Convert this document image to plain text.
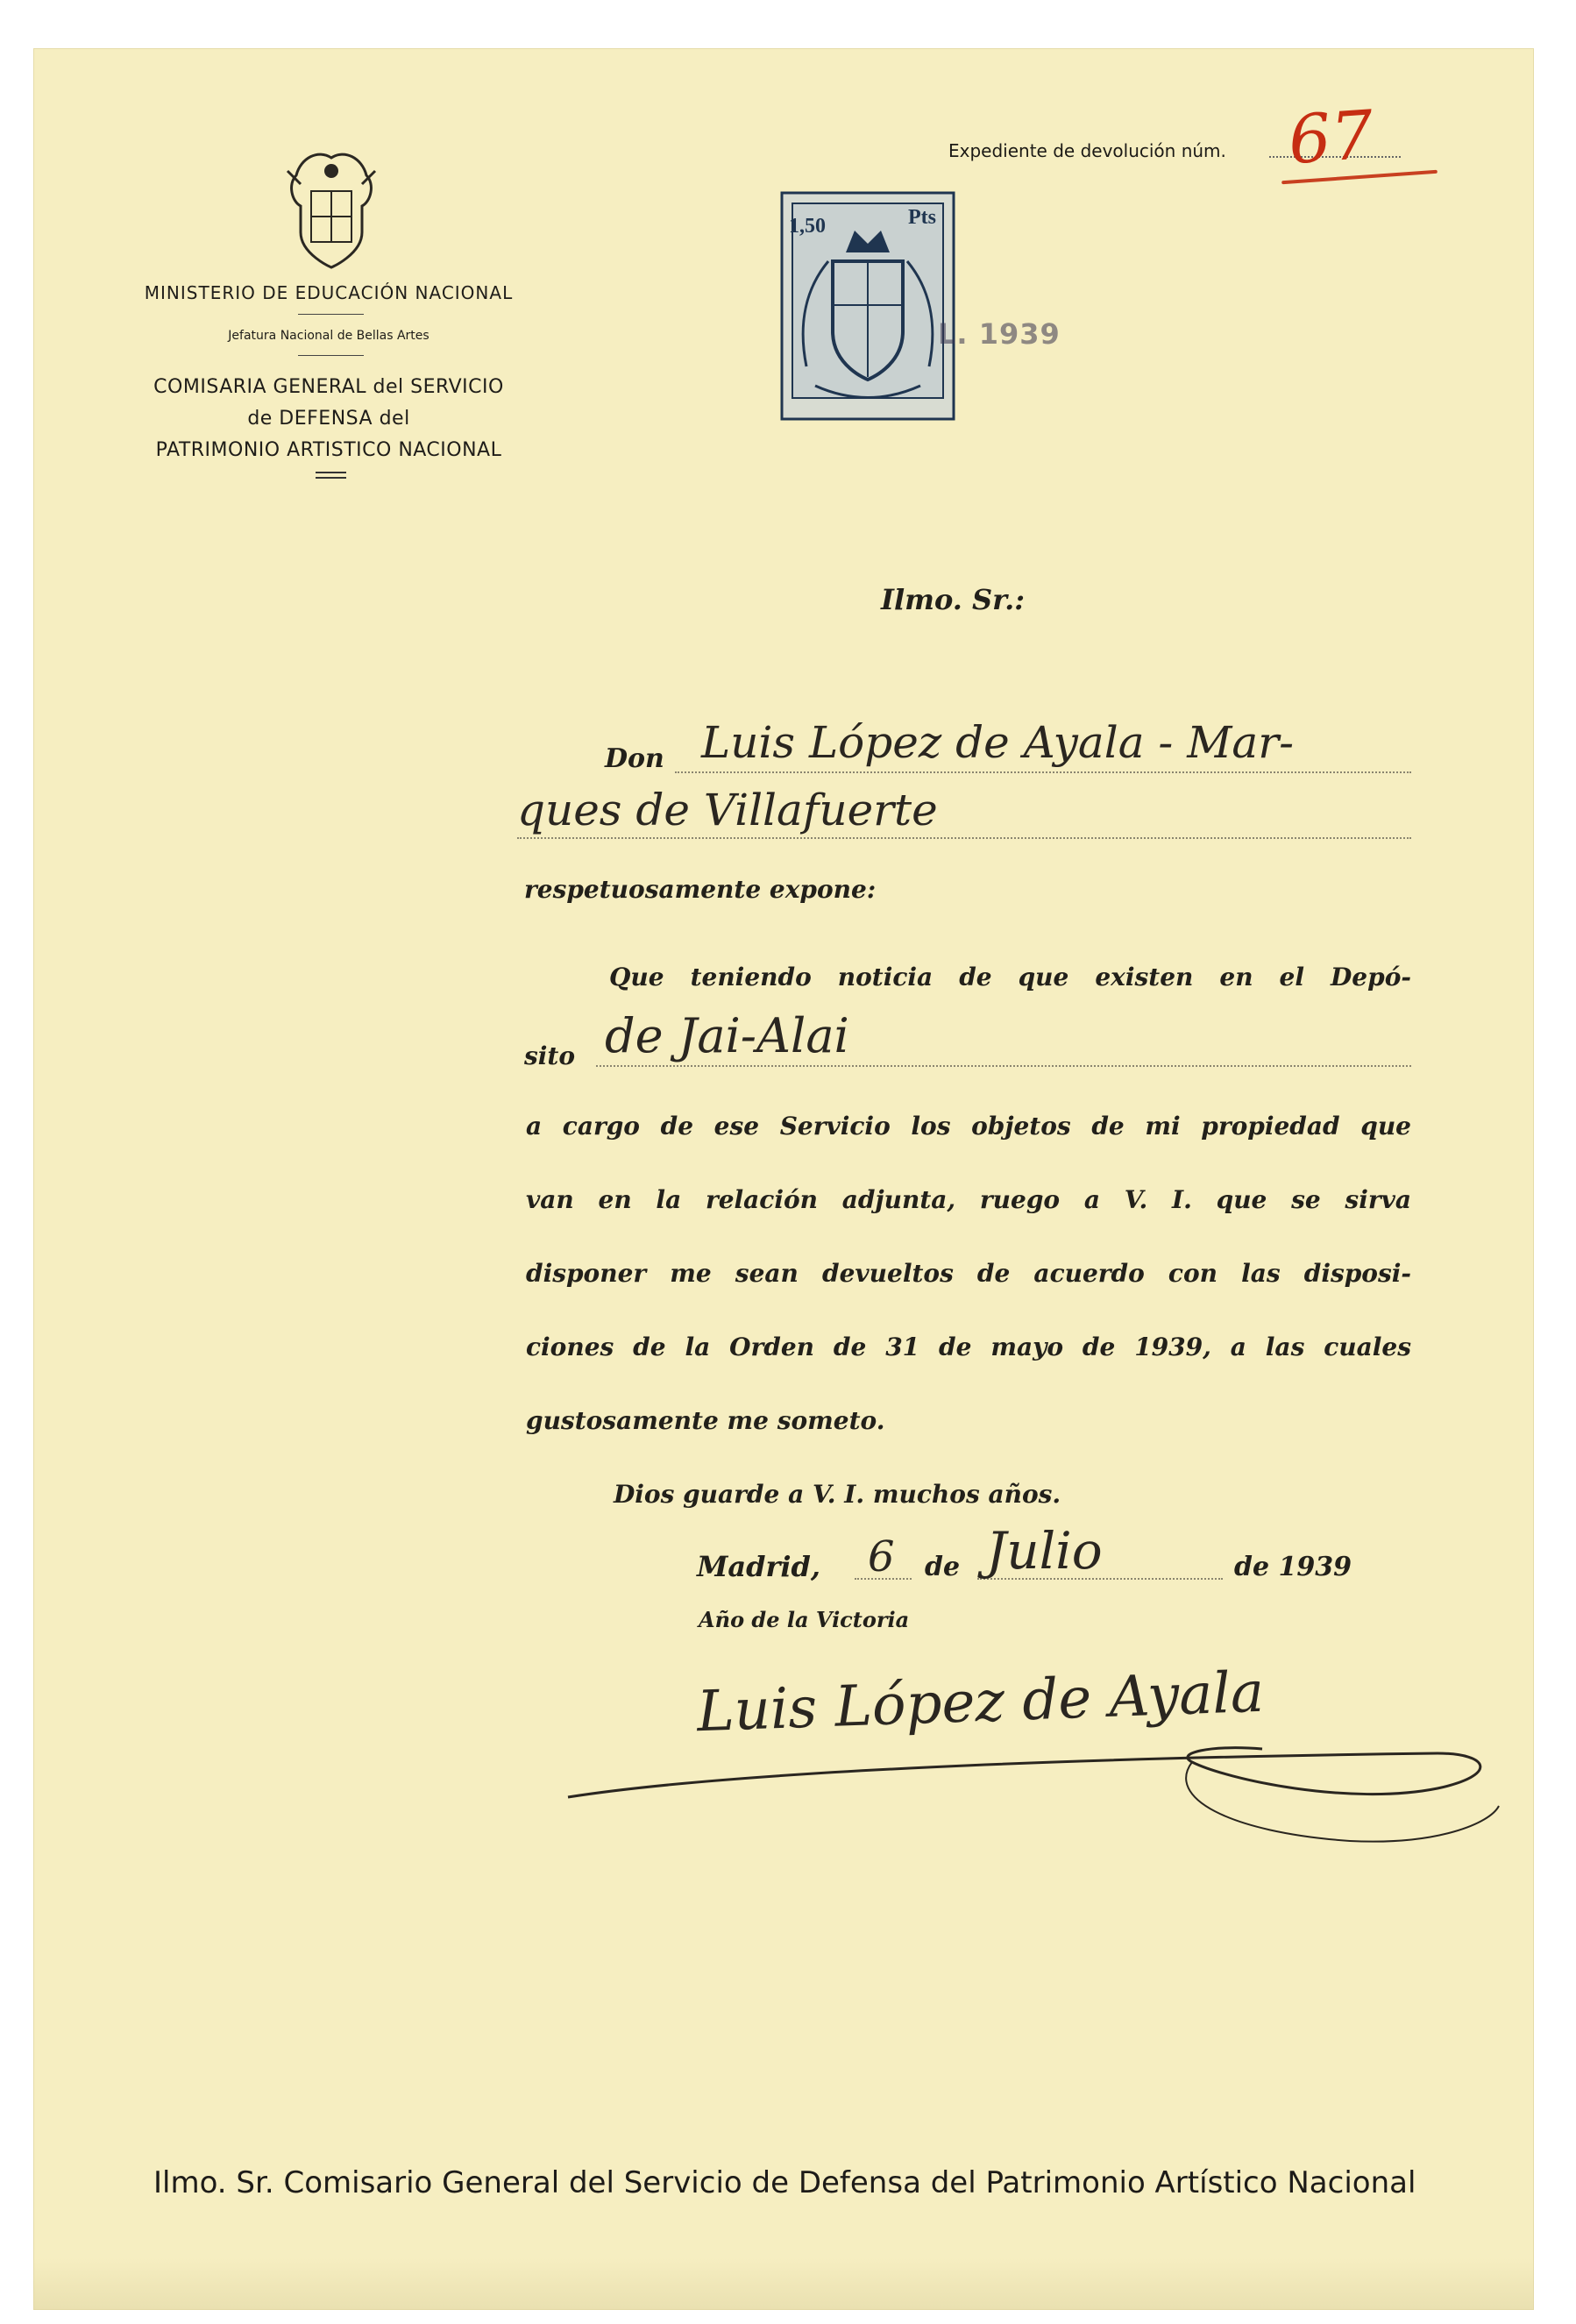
MINISTERIO DE EDUCACIÓN NACIONAL
Jefatura Nacional de Bellas Artes
COMISARIA GENERAL del SERVICIO
de DEFENSA del
PATRIMONIO ARTISTICO NACIONAL
Expediente de devolución núm. 67
1,50	Pts
L. 1939
Ilmo. Sr.:
Don Luis López de Ayala - Mar-
ques de Villafuerte
respetuosamente expone:
Que teniendo noticia de que existen en el Depó-
sito de Jai-Alai
a cargo de ese Servicio los objetos de mi propiedad que
van en la relación adjunta, ruego a V. I. que se sirva
disponer me sean devueltos de acuerdo con las disposi-
ciones de la Orden de 31 de mayo de 1939, a las cuales
gustosamente me someto.
Dios guarde a V. I. muchos años.
Madrid, 6 de Julio	de 1939
Año de la Victoria
Luis López de Ayala
Ilmo. Sr. Comisario General del Servicio de Defensa del Patrimonio Artístico Nacional
